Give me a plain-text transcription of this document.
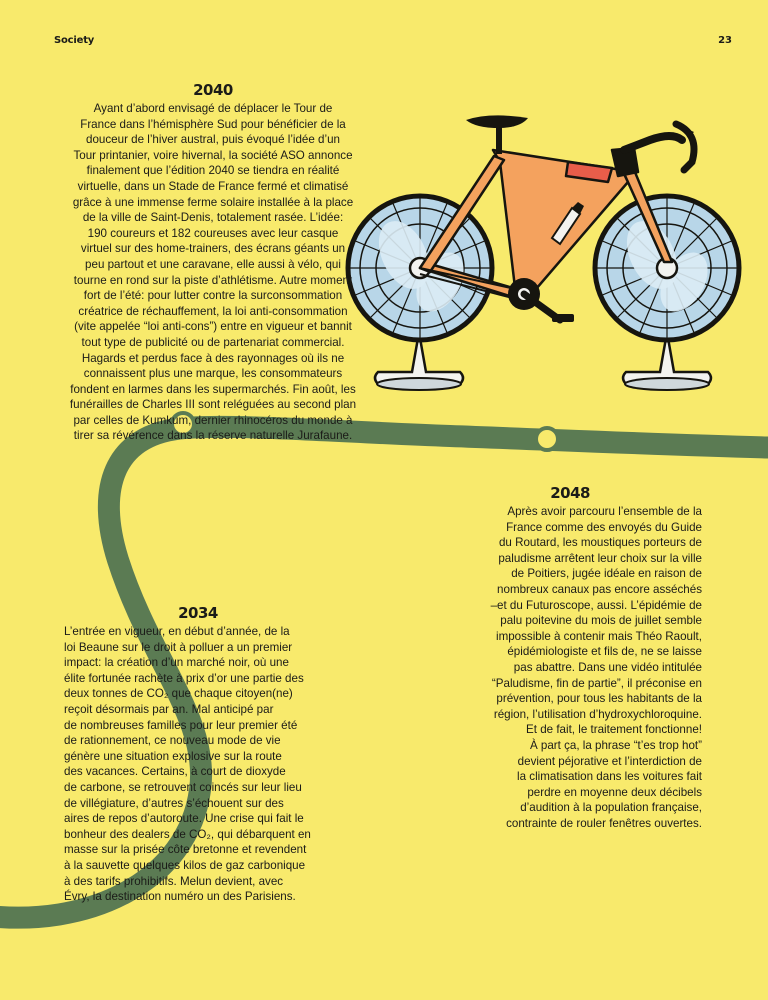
Society	23
2040

Ayant d’abord envisagé de déplacer le Tour de
France dans l’hémisphère Sud pour bénéficier de la
douceur de l’hiver austral, puis évoqué l’idée d’un
Tour printanier, voire hivernal, la société ASO annonce
finalement que l’édition 2040 se tiendra en réalité
virtuelle, dans un Stade de France fermé et climatisé
grâce à une immense ferme solaire installée à la place
de la ville de Saint-Denis, totalement rasée. L’idée:
190 coureurs et 182 coureuses avec leur casque
virtuel sur des home-trainers, des écrans géants un
peu partout et une caravane, elle aussi à vélo, qui
tourne en rond sur la piste d’athlétisme. Autre moment
fort de l’été: pour lutter contre la surconsommation
créatrice de réchauffement, la loi anti-consommation
(vite appelée “loi anti-cons”) entre en vigueur et bannit
tout type de publicité ou de partenariat commercial.
Hagards et perdus face à des rayonnages où ils ne
connaissent plus une marque, les consommateurs
fondent en larmes dans les supermarchés. Fin août, les
funérailles de Charles III sont reléguées au second plan
par celles de Kumkum, dernier rhinocéros du monde à
tirer sa révérence dans la réserve naturelle Jurafaune.

2034

L’entrée en vigueur, en début d’année, de la
loi Beaune sur le droit à polluer a un premier
impact: la création d’un marché noir, où une
élite fortunée rachète à prix d’or une partie des
deux tonnes de CO₂ que chaque citoyen(ne)
reçoit désormais par an. Mal anticipé par
de nombreuses familles pour leur premier été
de rationnement, ce nouveau mode de vie
génère une situation explosive sur la route
des vacances. Certains, à court de dioxyde
de carbone, se retrouvent coincés sur leur lieu
de villégiature, d’autres s’échouent sur des
aires de repos d’autoroute. Une crise qui fait le
bonheur des dealers de CO₂, qui débarquent en
masse sur la prisée côte bretonne et revendent
à la sauvette quelques kilos de gaz carbonique
à des tarifs prohibitifs. Melun devient, avec
Évry, la destination numéro un des Parisiens.

2048

Après avoir parcouru l’ensemble de la
France comme des envoyés du Guide
du Routard, les moustiques porteurs de
paludisme arrêtent leur choix sur la ville
de Poitiers, jugée idéale en raison de
nombreux canaux pas encore asséchés
–et du Futuroscope, aussi. L’épidémie de
palu poitevine du mois de juillet semble
impossible à contenir mais Théo Raoult,
épidémiologiste et fils de, ne se laisse
pas abattre. Dans une vidéo intitulée
“Paludisme, fin de partie”, il préconise en
prévention, pour tous les habitants de la
région, l’utilisation d’hydroxychloroquine.
Et de fait, le traitement fonctionne!
À part ça, la phrase “t’es trop hot”
devient péjorative et l’interdiction de
la climatisation dans les voitures fait
perdre en moyenne deux décibels
d’audition à la population française,
contrainte de rouler fenêtres ouvertes.
